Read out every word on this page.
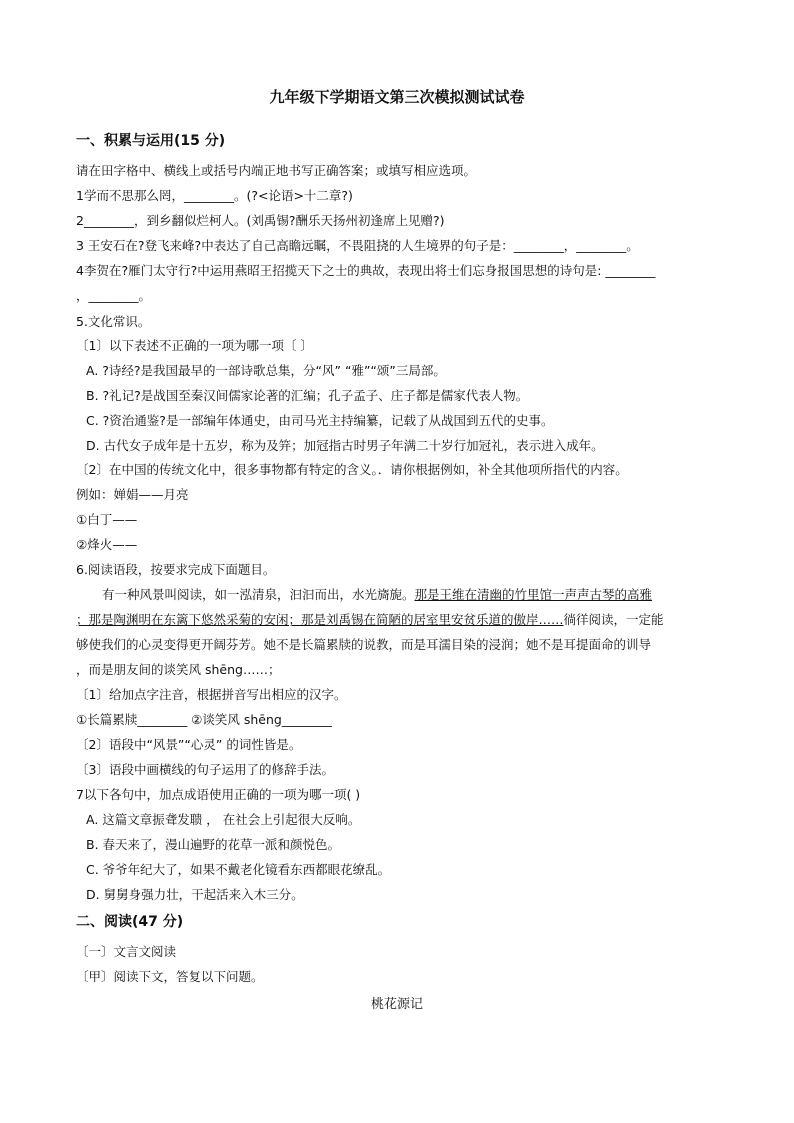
九年级下学期语文第三次模拟测试试卷
一、积累与运用(15 分)
请在田字格中、横线上或括号内端正地书写正确答案；或填写相应选项。
1学而不思那么罔，________。(?<论语>十二章?)
2________，到乡翻似烂柯人。(刘禹锡?酬乐天扬州初逢席上见赠?)
3 王安石在?登飞来峰?中表达了自己高瞻远瞩，不畏阻挠的人生境界的句子是：________，________。
4李贺在?雁门太守行?中运用燕昭王招揽天下之士的典故，表现出将士们忘身报国思想的诗句是: ________
，________。
5.文化常识。
〔1〕以下表述不正确的一项为哪一项〔 〕
A. ?诗经?是我国最早的一部诗歌总集，分“风” “雅”“颂”三局部。
B. ?礼记?是战国至秦汉间儒家论著的汇编；孔子孟子、庄子都是儒家代表人物。
C. ?资治通鉴?是一部编年体通史，由司马光主持编纂，记载了从战国到五代的史事。
D. 古代女子成年是十五岁，称为及笄；加冠指古时男子年满二十岁行加冠礼，表示进入成年。
〔2〕在中国的传统文化中，很多事物都有特定的含义。．请你根据例如，补全其他项所指代的内容。
例如：婵娟——月亮
①白丁——
②烽火——
6.阅读语段，按要求完成下面题目。
有一种风景叫阅读，如一泓清泉，汩汩而出，水光旖旎。那是王维在清幽的竹里馆一声声古琴的高雅
；那是陶渊明在东篱下悠然采菊的安闲；那是刘禹锡在简陋的居室里安贫乐道的傲岸……徜徉阅读，一定能
够使我们的心灵变得更开阔芬芳。她不是长篇累牍的说教，而是耳濡目染的浸润；她不是耳提面命的训导
，而是朋友间的谈笑风 shēng……；
〔1〕给加点字注音，根据拼音写出相应的汉字。
①长篇累牍________ ②谈笑风 shēng________
〔2〕语段中“风景”“心灵” 的词性皆是。
〔3〕语段中画横线的句子运用了的修辞手法。
7以下各句中，加点成语使用正确的一项为哪一项( )
A. 这篇文章振聋发聩 ， 在社会上引起很大反响。
B. 春天来了，漫山遍野的花草一派和颜悦色。
C. 爷爷年纪大了，如果不戴老化镜看东西都眼花缭乱。
D. 舅舅身强力壮，干起活来入木三分。
二、阅读(47 分)
〔一〕文言文阅读
〔甲〕阅读下文，答复以下问题。
桃花源记
